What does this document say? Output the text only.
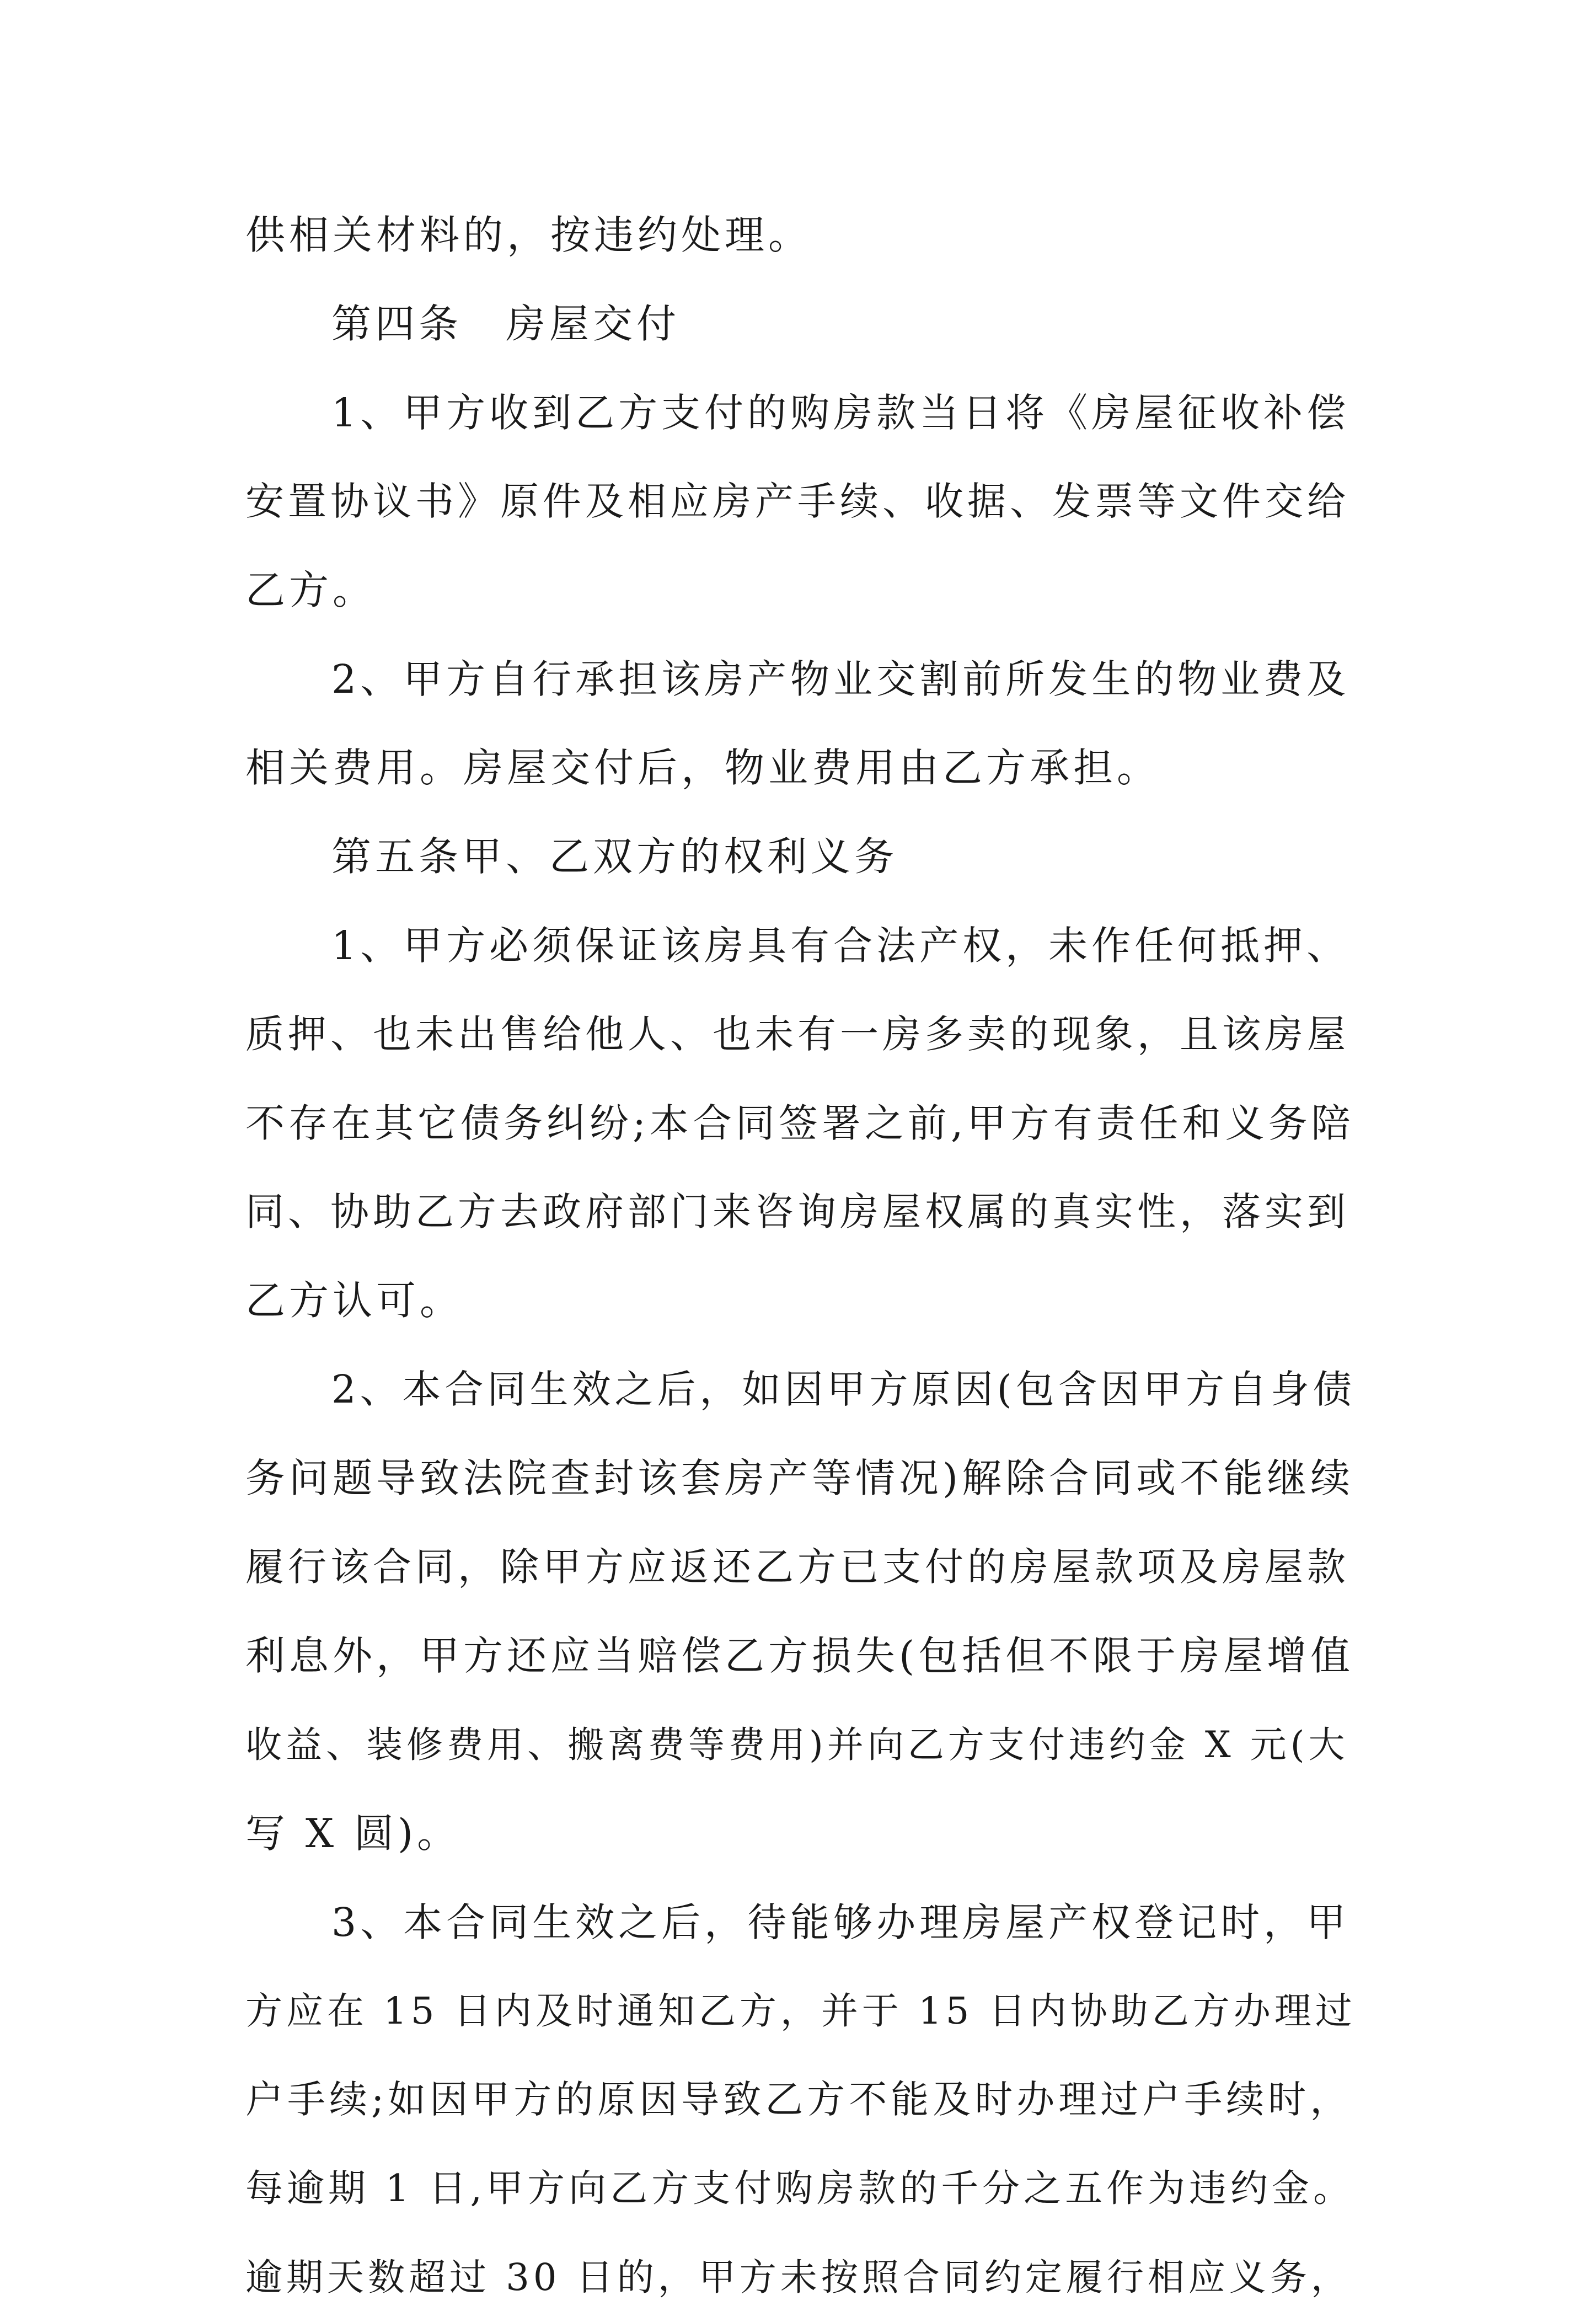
供相关材料的，按违约处理。
第四条　房屋交付
1、甲方收到乙方支付的购房款当日将《房屋征收补偿
安置协议书》原件及相应房产手续、收据、发票等文件交给
乙方。
2、甲方自行承担该房产物业交割前所发生的物业费及
相关费用。房屋交付后，物业费用由乙方承担。
第五条甲、乙双方的权利义务
1、甲方必须保证该房具有合法产权，未作任何抵押、
质押、也未出售给他人、也未有一房多卖的现象，且该房屋
不存在其它债务纠纷;本合同签署之前,甲方有责任和义务陪
同、协助乙方去政府部门来咨询房屋权属的真实性，落实到
乙方认可。
2、本合同生效之后，如因甲方原因(包含因甲方自身债
务问题导致法院查封该套房产等情况)解除合同或不能继续
履行该合同，除甲方应返还乙方已支付的房屋款项及房屋款
利息外，甲方还应当赔偿乙方损失(包括但不限于房屋增值
收益、装修费用、搬离费等费用)并向乙方支付违约金 X 元(大
写 X 圆)。
3、本合同生效之后，待能够办理房屋产权登记时，甲
方应在 15 日内及时通知乙方，并于 15 日内协助乙方办理过
户手续;如因甲方的原因导致乙方不能及时办理过户手续时，
每逾期 1 日,甲方向乙方支付购房款的千分之五作为违约金。
逾期天数超过 30 日的，甲方未按照合同约定履行相应义务，
